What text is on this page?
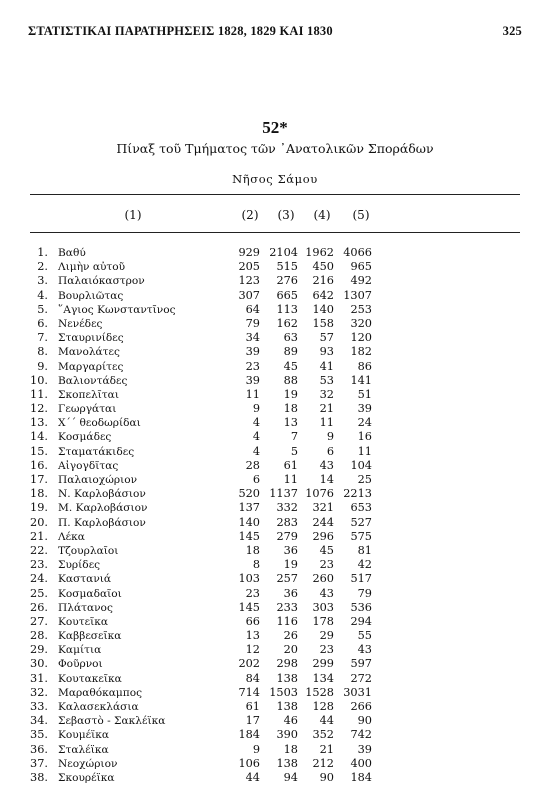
ΣΤΑΤΙΣΤΙΚΑΙ ΠΑΡΑΤΗΡΗΣΕΙΣ 1828, 1829 ΚΑΙ 1830	325
52*
Πίναξ τοῦ Τμήματος τῶν ᾿Ανατολικῶν Σποράδων
Νῆσος Σάμου
(1)	(2)	(3)	(4)	(5)
1. Βαθύ	929 2104 1962 4066
2. Λιμὴν αὐτοῦ	205	515	450	965
3. Παλαιόκαστρον	123	276	216	492
4. Βουρλιῶτας	307	665	642 1307
5. ῞Αγιος Κωνσταντῖνος	64	113	140	253
6. Νενέδες	79	162	158	320
7. Σταυρινίδες	34	63	57	120
8. Μανολάτες	39	89	93	182
9. Μαργαρίτες	23	45	41	86
10. Βαλιοντάδες	39	88	53	141
11. Σκοπελῖται	11	19	32	51
12. Γεωργάται	9	18	21	39
13. Χ´´ θεοδωρίδαι	4	13	11	24
14. Κοσμάδες	4	7	9	16
15. Σταματάκιδες	4	5	6	11
16. Αἰγογδῖτας	28	61	43	104
17. Παλαιοχώριον	6	11	14	25
18. Ν. Καρλοβάσιον	520 1137 1076 2213
19. Μ. Καρλοβάσιον	137	332	321	653
20. Π. Καρλοβάσιον	140	283	244	527
21. Λέκα	145	279	296	575
22. Τζουρλαῖοι	18	36	45	81
23. Συρίδες	8	19	23	42
24. Καστανιά	103	257	260	517
25. Κοσμαδαῖοι	23	36	43	79
26. Πλάτανος	145	233	303	536
27. Κουτεῖκα	66	116	178	294
28. Καββεσεῖκα	13	26	29	55
29. Καμίτια	12	20	23	43
30. Φοῦρνοι	202	298	299	597
31. Κουτακεῖκα	84	138	134	272
32. Μαραθόκαμπος	714 1503 1528 3031
33. Καλασεκλάσια	61	138	128	266
34. Σεβαστὸ - Σακλέϊκα	17	46	44	90
35. Κουμέϊκα	184	390	352	742
36. Σταλέϊκα	9	18	21	39
37. Νεοχώριον	106	138	212	400
38. Σκουρέϊκα	44	94	90	184
